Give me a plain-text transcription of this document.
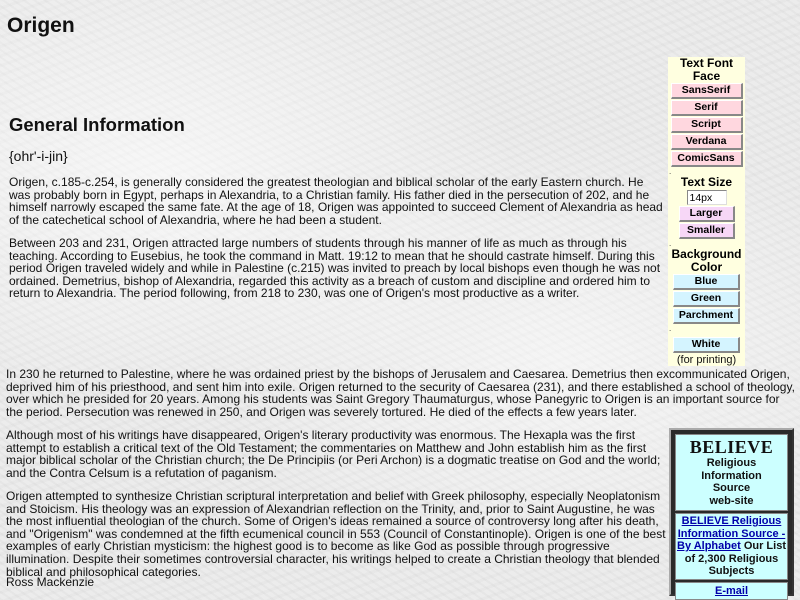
Origen
General Information
{ohr'-i-jin}

Origen, c.185-c.254, is generally considered the greatest theologian and biblical scholar of the early Eastern church. He was probably born in Egypt, perhaps in Alexandria, to a Christian family. His father died in the persecution of 202, and he himself narrowly escaped the same fate. At the age of 18, Origen was appointed to succeed Clement of Alexandria as head of the catechetical school of Alexandria, where he had been a student.

Between 203 and 231, Origen attracted large numbers of students through his manner of life as much as through his teaching. According to Eusebius, he took the command in Matt. 19:12 to mean that he should castrate himself. During this period Origen traveled widely and while in Palestine (c.215) was invited to preach by local bishops even though he was not ordained. Demetrius, bishop of Alexandria, regarded this activity as a breach of custom and discipline and ordered him to return to Alexandria. The period following, from 218 to 230, was one of Origen's most productive as a writer.

In 230 he returned to Palestine, where he was ordained priest by the bishops of Jerusalem and Caesarea. Demetrius then excommunicated Origen, deprived him of his priesthood, and sent him into exile. Origen returned to the security of Caesarea (231), and there established a school of theology, over which he presided for 20 years. Among his students was Saint Gregory Thaumaturgus, whose Panegyric to Origen is an important source for the period. Persecution was renewed in 250, and Origen was severely tortured. He died of the effects a few years later.

Although most of his writings have disappeared, Origen's literary productivity was enormous. The Hexapla was the first attempt to establish a critical text of the Old Testament; the commentaries on Matthew and John establish him as the first major biblical scholar of the Christian church; the De Principiis (or Peri Archon) is a dogmatic treatise on God and the world; and the Contra Celsum is a refutation of paganism.

Origen attempted to synthesize Christian scriptural interpretation and belief with Greek philosophy, especially Neoplatonism and Stoicism. His theology was an expression of Alexandrian reflection on the Trinity, and, prior to Saint Augustine, he was the most influential theologian of the church. Some of Origen's ideas remained a source of controversy long after his death, and "Origenism" was condemned at the fifth ecumenical council in 553 (Council of Constantinople). Origen is one of the best examples of early Christian mysticism: the highest good is to become as like God as possible through progressive illumination. Despite their sometimes controversial character, his writings helped to create a Christian theology that blended biblical and philosophical categories.

Ross Mackenzie

Text Font Face
SansSerif
Serif
Script
Verdana
ComicSans
.
Text Size
14px
Larger
Smaller
.
Background
Color
Blue
Green
Parchment
.
White
(for printing)
BELIEVE
Religious
Information
Source
web-site
BELIEVE Religious Information Source - By Alphabet Our List of 2,300 Religious Subjects
E-mail
